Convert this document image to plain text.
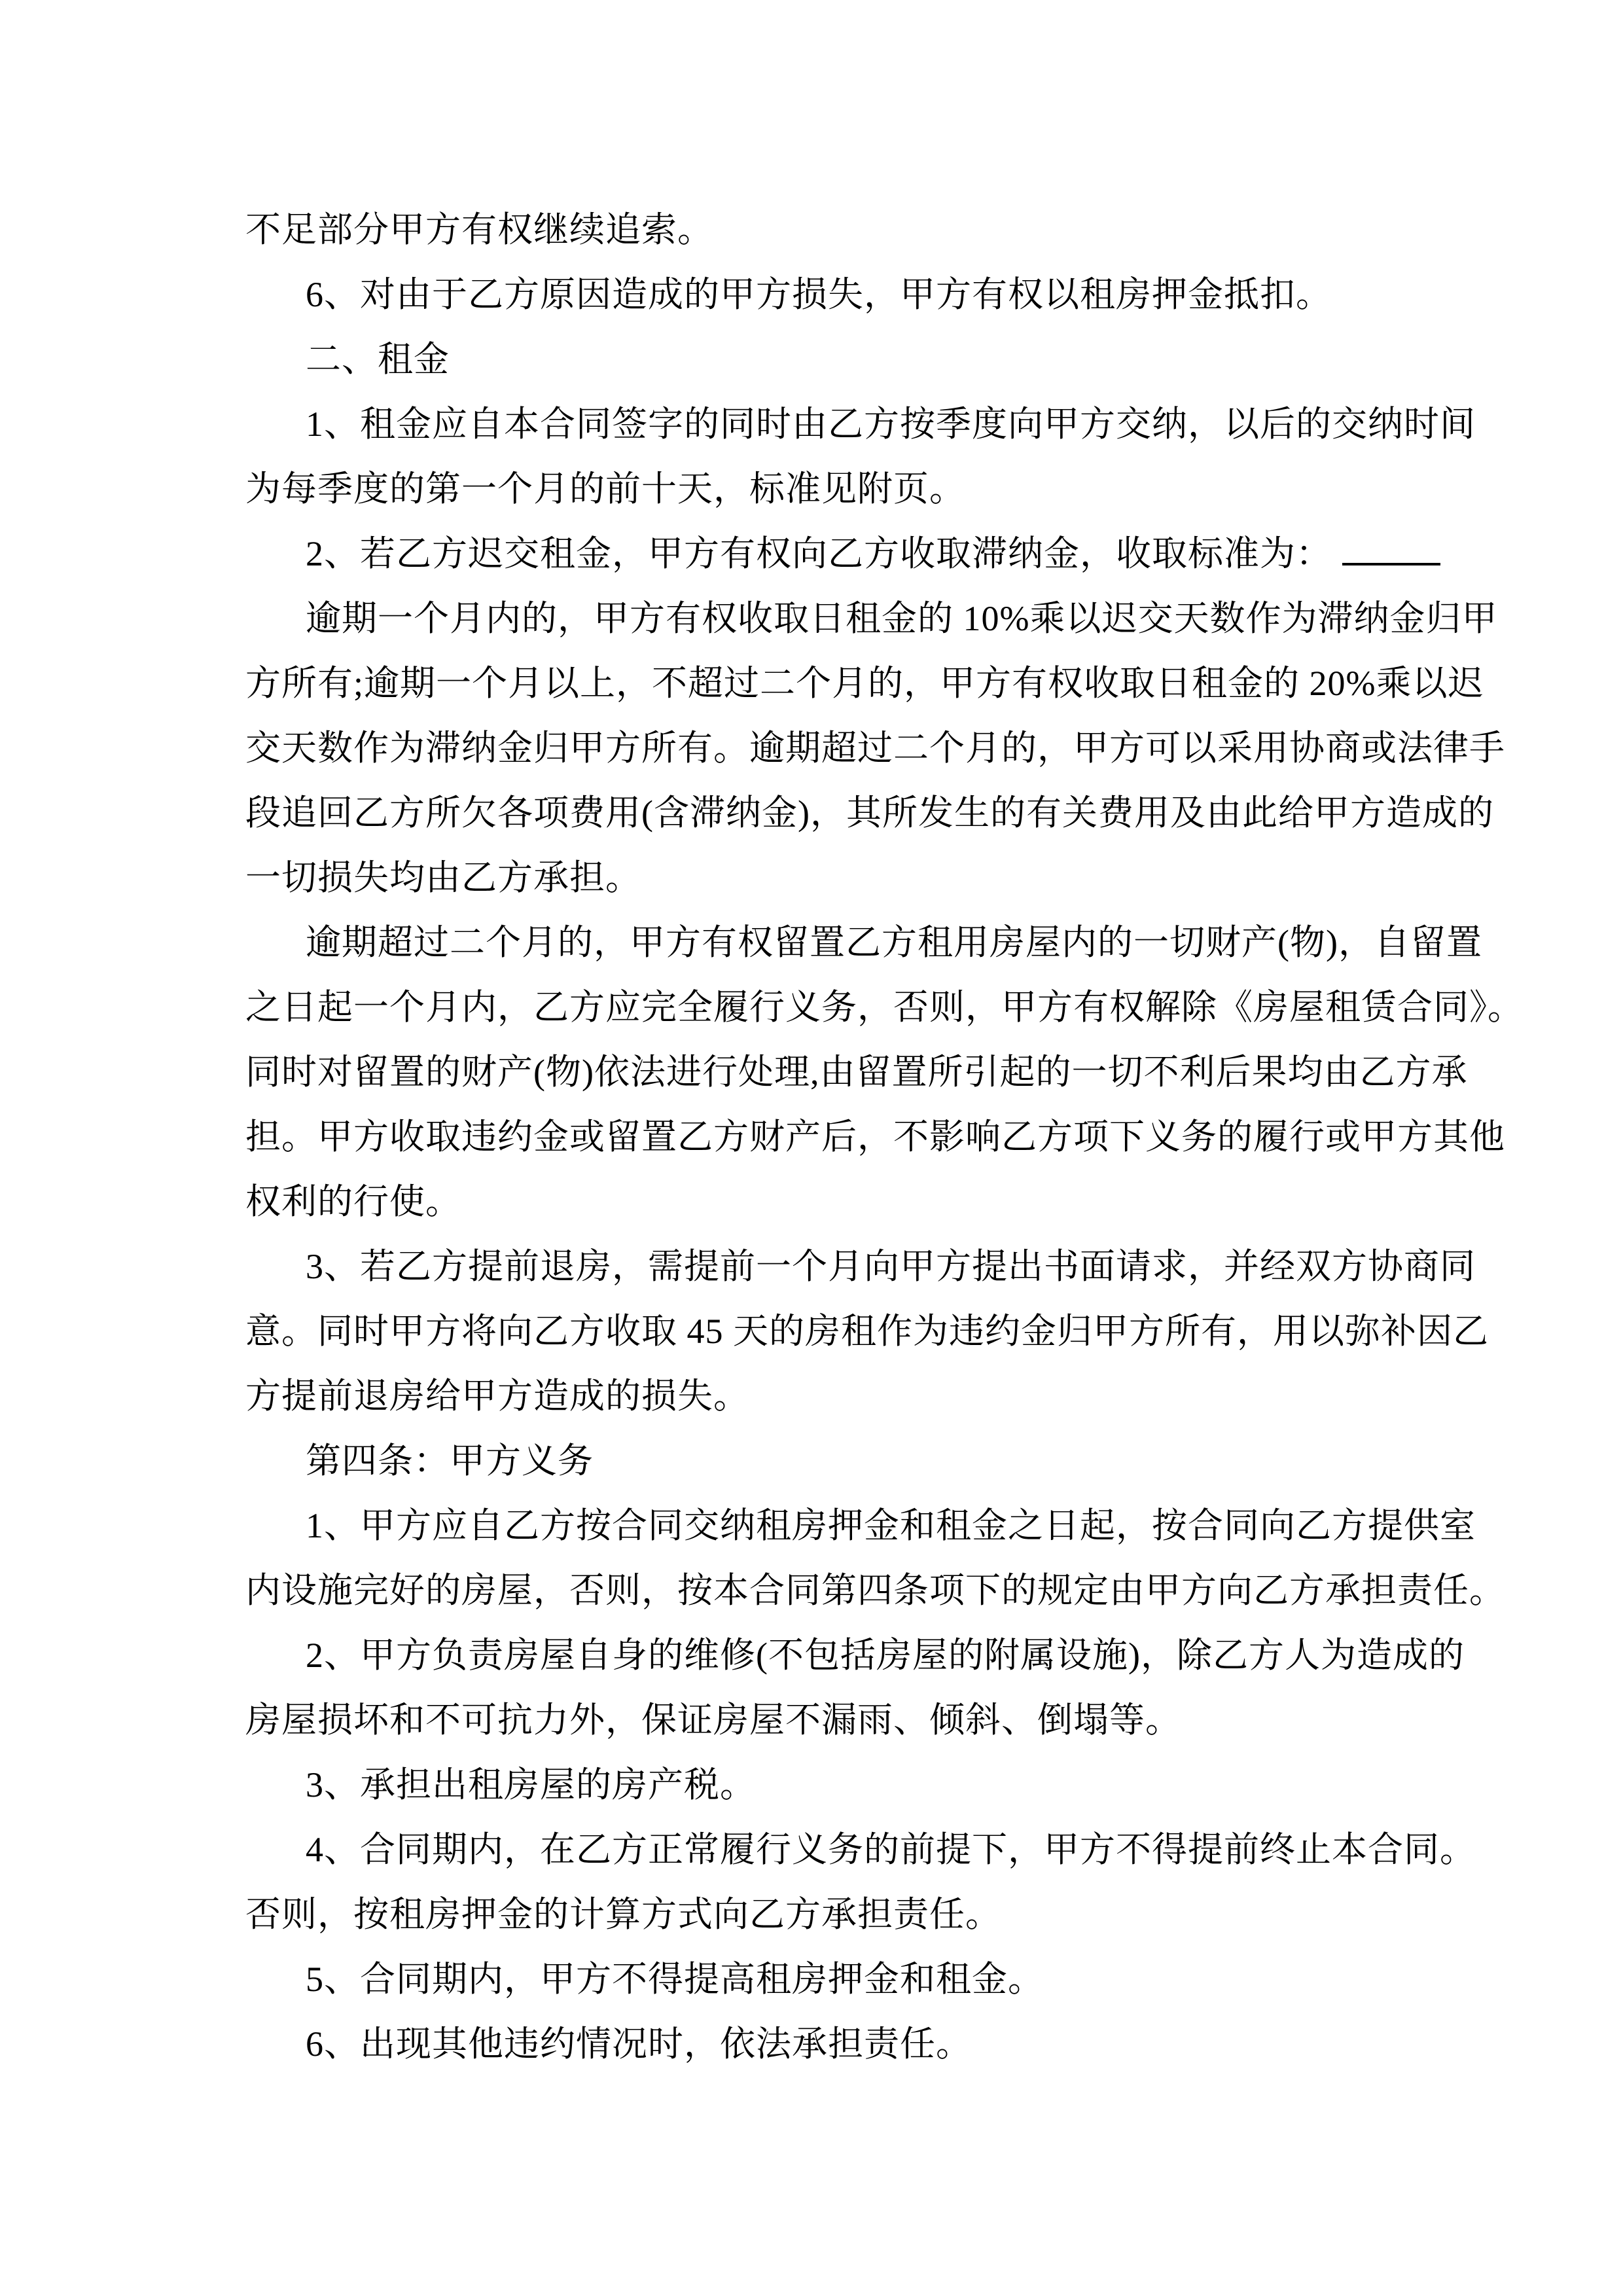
不足部分甲方有权继续追索。
6、对由于乙方原因造成的甲方损失，甲方有权以租房押金抵扣。
二、租金
1、租金应自本合同签字的同时由乙方按季度向甲方交纳，以后的交纳时间
为每季度的第一个月的前十天，标准见附页。
2、若乙方迟交租金，甲方有权向乙方收取滞纳金，收取标准为：
逾期一个月内的，甲方有权收取日租金的 10%乘以迟交天数作为滞纳金归甲
方所有;逾期一个月以上，不超过二个月的，甲方有权收取日租金的 20%乘以迟
交天数作为滞纳金归甲方所有。逾期超过二个月的，甲方可以采用协商或法律手
段追回乙方所欠各项费用(含滞纳金)，其所发生的有关费用及由此给甲方造成的
一切损失均由乙方承担。
逾期超过二个月的，甲方有权留置乙方租用房屋内的一切财产(物)，自留置
之日起一个月内，乙方应完全履行义务，否则，甲方有权解除《房屋租赁合同》。
同时对留置的财产(物)依法进行处理,由留置所引起的一切不利后果均由乙方承
担。甲方收取违约金或留置乙方财产后，不影响乙方项下义务的履行或甲方其他
权利的行使。
3、若乙方提前退房，需提前一个月向甲方提出书面请求，并经双方协商同
意。同时甲方将向乙方收取 45 天的房租作为违约金归甲方所有，用以弥补因乙
方提前退房给甲方造成的损失。
第四条：甲方义务
1、甲方应自乙方按合同交纳租房押金和租金之日起，按合同向乙方提供室
内设施完好的房屋，否则，按本合同第四条项下的规定由甲方向乙方承担责任。
2、甲方负责房屋自身的维修(不包括房屋的附属设施)，除乙方人为造成的
房屋损坏和不可抗力外，保证房屋不漏雨、倾斜、倒塌等。
3、承担出租房屋的房产税。
4、合同期内，在乙方正常履行义务的前提下，甲方不得提前终止本合同。
否则，按租房押金的计算方式向乙方承担责任。
5、合同期内，甲方不得提高租房押金和租金。
6、出现其他违约情况时，依法承担责任。
